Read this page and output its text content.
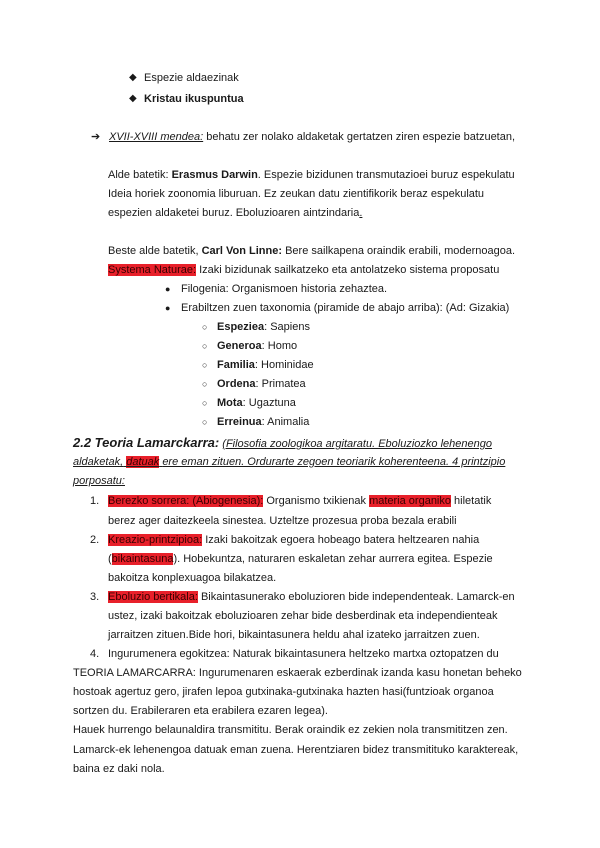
◆ Espezie aldaezinak
◆ Kristau ikuspuntua
➔ XVII-XVIII mendea: behatu zer nolako aldaketak gertatzen ziren espezie batzuetan,
Alde batetik: Erasmus Darwin. Espezie bizidunen transmutazioei buruz espekulatu
Ideia horiek zoonomia liburuan. Ez zeukan datu zientifikorik beraz espekulatu
espezien aldaketei buruz. Eboluzioaren aintzindaria.
Beste alde batetik, Carl Von Linne: Bere sailkapena oraindik erabili, modernoagoa.
Systema Naturae: Izaki bizidunak sailkatzeko eta antolatzeko sistema proposatu
● Filogenia: Organismoen historia zehaztea.
● Erabiltzen zuen taxonomia (piramide de abajo arriba): (Ad: Gizakia)
○ Espeziea: Sapiens
○ Generoa: Homo
○ Familia: Hominidae
○ Ordena: Primatea
○ Mota: Ugaztuna
○ Erreinua: Animalia
2.2 Teoria Lamarckarra: (Filosofia zoologikoa argitaratu. Eboluziozko lehenengo
aldaketak, datuak ere eman zituen. Ordurarte zegoen teoriarik koherenteena. 4 printzipio
porposatu:
1. Berezko sorrera: (Abiogenesia): Organismo txikienak materia organiko hiletatik
berez ager daitezkeela sinestea. Uzteltze prozesua proba bezala erabili
2. Kreazio-printzipioa: Izaki bakoitzak egoera hobeago batera heltzearen nahia
(bikaintasuna). Hobekuntza, naturaren eskaletan zehar aurrera egitea. Espezie
bakoitza konplexuagoa bilakatzea.
3. Eboluzio bertikala: Bikaintasunerako eboluzioren bide independenteak. Lamarck-en
ustez, izaki bakoitzak eboluzioaren zehar bide desberdinak eta independienteak
jarraitzen zituen.Bide hori, bikaintasunera heldu ahal izateko jarraitzen zuen.
4. Ingurumenera egokitzea: Naturak bikaintasunera heltzeko martxa oztopatzen du
TEORIA LAMARCARRA: Ingurumenaren eskaerak ezberdinak izanda kasu honetan beheko
hostoak agertuz gero, jirafen lepoa gutxinaka-gutxinaka hazten hasi(funtzioak organoa
sortzen du. Erabileraren eta erabilera ezaren legea).
Hauek hurrengo belaunaldira transmititu. Berak oraindik ez zekien nola transmititzen zen.
Lamarck-ek lehenengoa datuak eman zuena. Herentziaren bidez transmitituko karaktereak,
baina ez daki nola.
